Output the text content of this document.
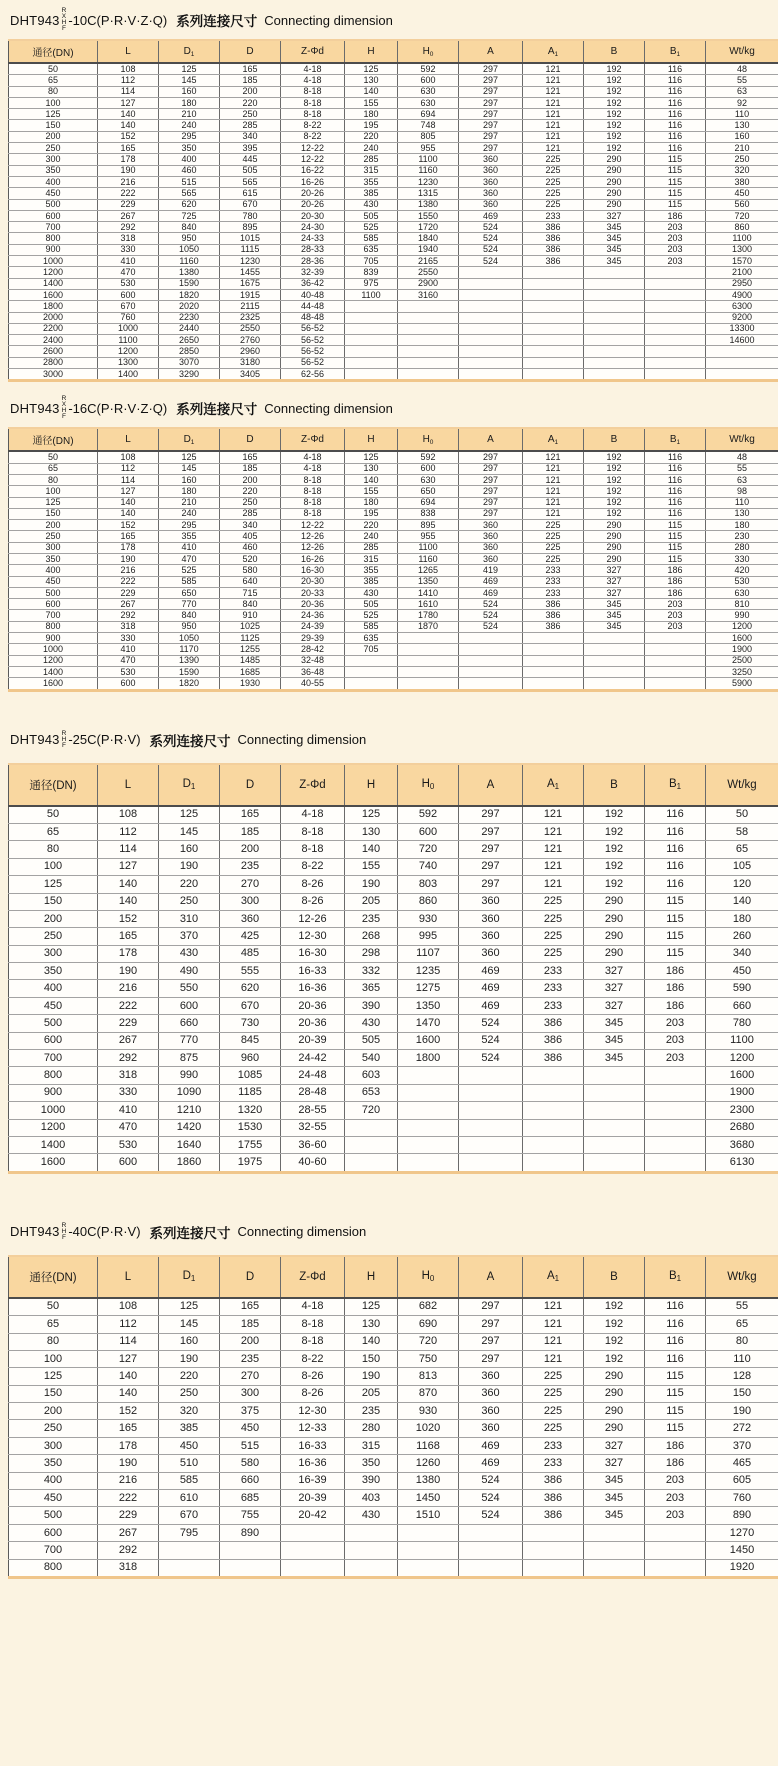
DHT943
R
X
H
F
-10C(P·R·V·Z·Q) 系列连接尺寸 Connecting dimension
通径(DN)	L	$D_1$	D	Z-Φd	H	$H_0$	A	$A_1$	B	$B_1$	Wt/kg
50	108	125	165	4-18	125	592	297	121	192	116	48
65	112	145	185	4-18	130	600	297	121	192	116	55
80	114	160	200	8-18	140	630	297	121	192	116	63
100	127	180	220	8-18	155	630	297	121	192	116	92
125	140	210	250	8-18	180	694	297	121	192	116	110
150	140	240	285	8-22	195	748	297	121	192	116	130
200	152	295	340	8-22	220	805	297	121	192	116	160
250	165	350	395	12-22	240	955	297	121	192	116	210
300	178	400	445	12-22	285	1100	360	225	290	115	250
350	190	460	505	16-22	315	1160	360	225	290	115	320
400	216	515	565	16-26	355	1230	360	225	290	115	380
450	222	565	615	20-26	385	1315	360	225	290	115	450
500	229	620	670	20-26	430	1380	360	225	290	115	560
600	267	725	780	20-30	505	1550	469	233	327	186	720
700	292	840	895	24-30	525	1720	524	386	345	203	860
800	318	950	1015	24-33	585	1840	524	386	345	203	1100
900	330	1050	1115	28-33	635	1940	524	386	345	203	1300
1000	410	1160	1230	28-36	705	2165	524	386	345	203	1570
1200	470	1380	1455	32-39	839	2550					2100
1400	530	1590	1675	36-42	975	2900					2950
1600	600	1820	1915	40-48	1100	3160					4900
1800	670	2020	2115	44-48							6300
2000	760	2230	2325	48-48							9200
2200	1000	2440	2550	56-52							13300
2400	1100	2650	2760	56-52							14600
2600	1200	2850	2960	56-52							
2800	1300	3070	3180	56-52							
3000	1400	3290	3405	62-56							
DHT943
R
X
H
F
-16C(P·R·V·Z·Q) 系列连接尺寸 Connecting dimension
通径(DN)	L	$D_1$	D	Z-Φd	H	$H_0$	A	$A_1$	B	$B_1$	Wt/kg
50	108	125	165	4-18	125	592	297	121	192	116	48
65	112	145	185	4-18	130	600	297	121	192	116	55
80	114	160	200	8-18	140	630	297	121	192	116	63
100	127	180	220	8-18	155	650	297	121	192	116	98
125	140	210	250	8-18	180	694	297	121	192	116	110
150	140	240	285	8-18	195	838	297	121	192	116	130
200	152	295	340	12-22	220	895	360	225	290	115	180
250	165	355	405	12-26	240	955	360	225	290	115	230
300	178	410	460	12-26	285	1100	360	225	290	115	280
350	190	470	520	16-26	315	1160	360	225	290	115	330
400	216	525	580	16-30	355	1265	419	233	327	186	420
450	222	585	640	20-30	385	1350	469	233	327	186	530
500	229	650	715	20-33	430	1410	469	233	327	186	630
600	267	770	840	20-36	505	1610	524	386	345	203	810
700	292	840	910	24-36	525	1780	524	386	345	203	990
800	318	950	1025	24-39	585	1870	524	386	345	203	1200
900	330	1050	1125	29-39	635						1600
1000	410	1170	1255	28-42	705						1900
1200	470	1390	1485	32-48							2500
1400	530	1590	1685	36-48							3250
1600	600	1820	1930	40-55							5900
DHT943 R
H
F -25C(P·R·V) 系列连接尺寸 Connecting dimension
通径(DN)	L	$D_1$	D	Z-Φd	H	$H_0$	A	$A_1$	B	$B_1$	Wt/kg
50	108	125	165	4-18	125	592	297	121	192	116	50
65	112	145	185	8-18	130	600	297	121	192	116	58
80	114	160	200	8-18	140	720	297	121	192	116	65
100	127	190	235	8-22	155	740	297	121	192	116	105
125	140	220	270	8-26	190	803	297	121	192	116	120
150	140	250	300	8-26	205	860	360	225	290	115	140
200	152	310	360	12-26	235	930	360	225	290	115	180
250	165	370	425	12-30	268	995	360	225	290	115	260
300	178	430	485	16-30	298	1107	360	225	290	115	340
350	190	490	555	16-33	332	1235	469	233	327	186	450
400	216	550	620	16-36	365	1275	469	233	327	186	590
450	222	600	670	20-36	390	1350	469	233	327	186	660
500	229	660	730	20-36	430	1470	524	386	345	203	780
600	267	770	845	20-39	505	1600	524	386	345	203	1100
700	292	875	960	24-42	540	1800	524	386	345	203	1200
800	318	990	1085	24-48	603						1600
900	330	1090	1185	28-48	653						1900
1000	410	1210	1320	28-55	720						2300
1200	470	1420	1530	32-55							2680
1400	530	1640	1755	36-60							3680
1600	600	1860	1975	40-60							6130
DHT943 R
H
F -40C(P·R·V) 系列连接尺寸 Connecting dimension
通径(DN)	L	$D_1$	D	Z-Φd	H	$H_0$	A	$A_1$	B	$B_1$	Wt/kg
50	108	125	165	4-18	125	682	297	121	192	116	55
65	112	145	185	8-18	130	690	297	121	192	116	65
80	114	160	200	8-18	140	720	297	121	192	116	80
100	127	190	235	8-22	150	750	297	121	192	116	110
125	140	220	270	8-26	190	813	360	225	290	115	128
150	140	250	300	8-26	205	870	360	225	290	115	150
200	152	320	375	12-30	235	930	360	225	290	115	190
250	165	385	450	12-33	280	1020	360	225	290	115	272
300	178	450	515	16-33	315	1168	469	233	327	186	370
350	190	510	580	16-36	350	1260	469	233	327	186	465
400	216	585	660	16-39	390	1380	524	386	345	203	605
450	222	610	685	20-39	403	1450	524	386	345	203	760
500	229	670	755	20-42	430	1510	524	386	345	203	890
600	267	795	890								1270
700	292										1450
800	318										1920
